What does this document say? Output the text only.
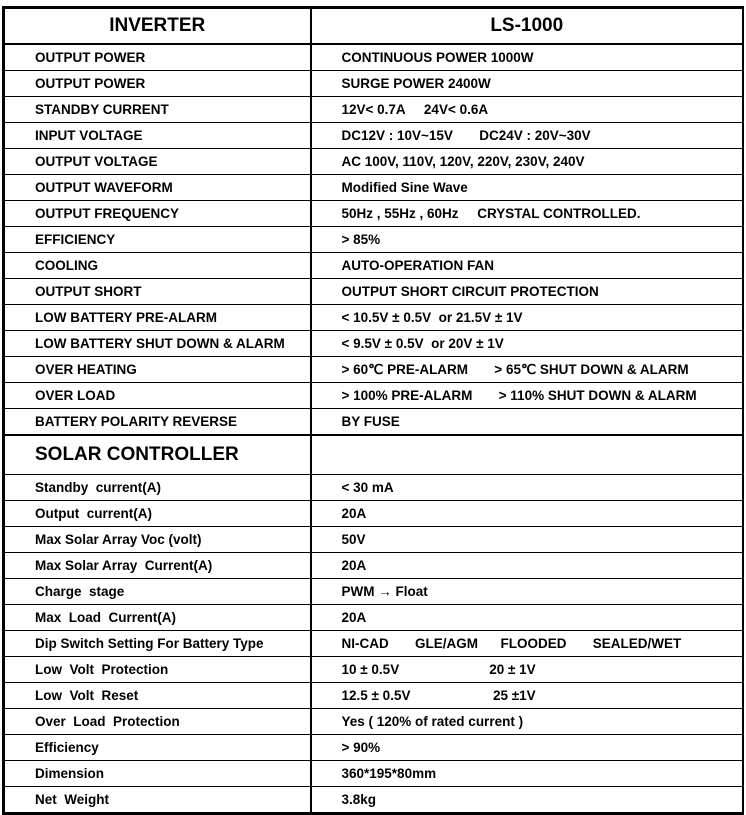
INVERTER	LS-1000
OUTPUT POWER	CONTINUOUS POWER 1000W
OUTPUT POWER	SURGE POWER 2400W
STANDBY CURRENT	12V< 0.7A     24V< 0.6A
INPUT VOLTAGE	DC12V : 10V~15V       DC24V : 20V~30V
OUTPUT VOLTAGE	AC 100V, 110V, 120V, 220V, 230V, 240V
OUTPUT WAVEFORM	Modified Sine Wave
OUTPUT FREQUENCY	50Hz , 55Hz , 60Hz     CRYSTAL CONTROLLED.
EFFICIENCY	> 85%
COOLING	AUTO-OPERATION FAN
OUTPUT SHORT	OUTPUT SHORT CIRCUIT PROTECTION
LOW BATTERY PRE-ALARM	< 10.5V ± 0.5V  or 21.5V ± 1V
LOW BATTERY SHUT DOWN & ALARM	< 9.5V ± 0.5V  or 20V ± 1V
OVER HEATING	> 60℃ PRE-ALARM       > 65℃ SHUT DOWN & ALARM
OVER LOAD	> 100% PRE-ALARM       > 110% SHUT DOWN & ALARM
BATTERY POLARITY REVERSE	BY FUSE
SOLAR CONTROLLER	
Standby  current(A)	< 30 mA
Output  current(A)	20A
Max Solar Array Voc (volt)	50V
Max Solar Array  Current(A)	20A
Charge  stage	PWM → Float
Max  Load  Current(A)	20A
Dip Switch Setting For Battery Type	NI-CAD       GLE/AGM      FLOODED       SEALED/WET
Low  Volt  Protection	10 ± 0.5V                        20 ± 1V
Low  Volt  Reset	12.5 ± 0.5V                      25 ±1V
Over  Load  Protection	Yes ( 120% of rated current )
Efficiency	> 90%
Dimension	360*195*80mm
Net  Weight	3.8kg
